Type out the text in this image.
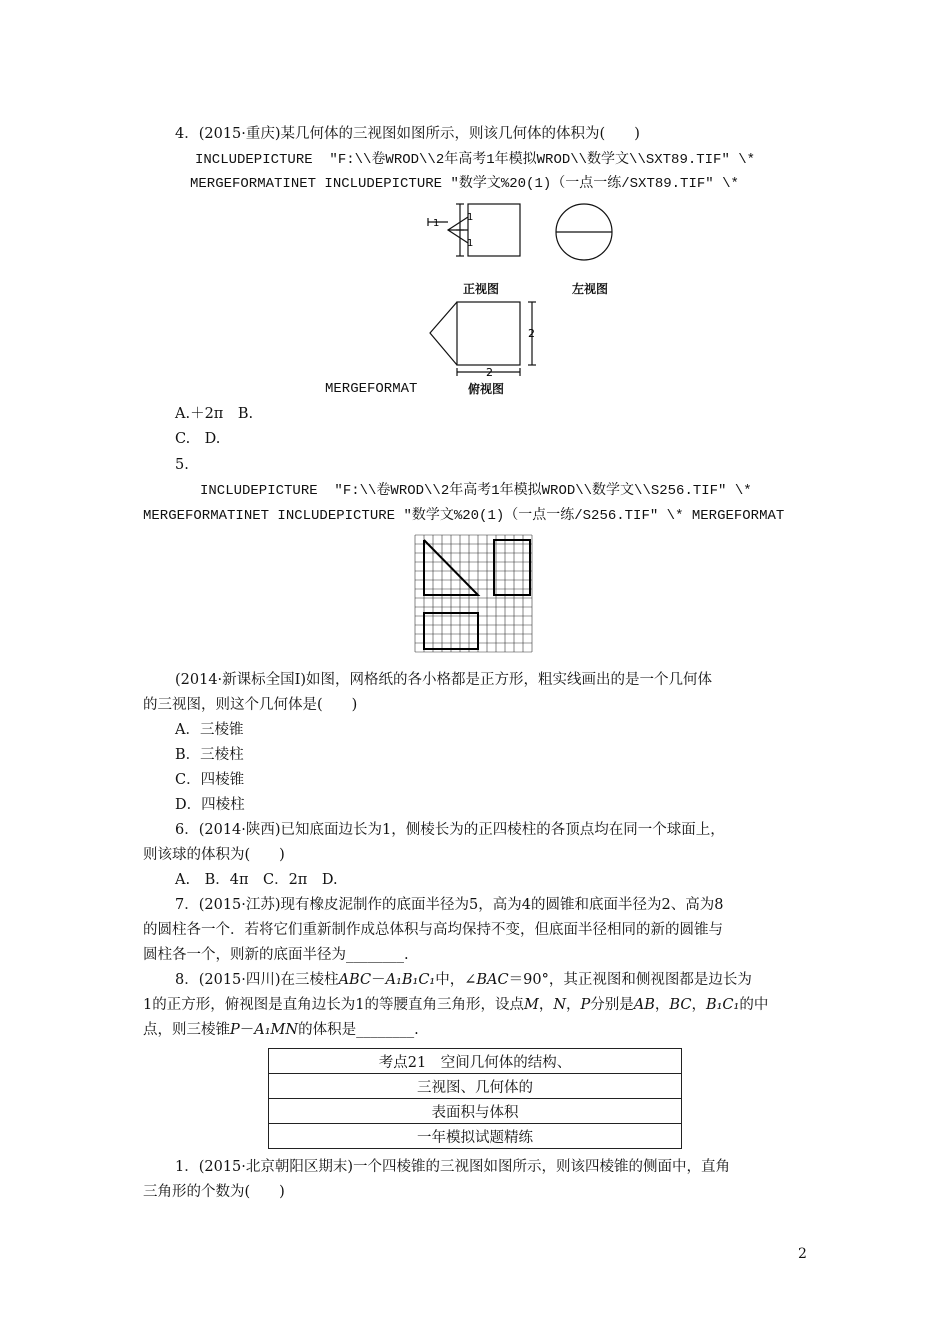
4．(2015·重庆)某几何体的三视图如图所示，则该几何体的体积为(　　)
INCLUDEPICTURE  "F:\\卷WROD\\2年高考1年模拟WROD\\数学文\\SXT89.TIF" \*
MERGEFORMATINET INCLUDEPICTURE "数学文%20(1)（一点一练/SXT89.TIF" \*
1
1
1
2
2
正视图	左视图
俯视图
MERGEFORMAT
A.＋2π　B.
C.　D.
5.
INCLUDEPICTURE  "F:\\卷WROD\\2年高考1年模拟WROD\\数学文\\S256.TIF" \*
MERGEFORMATINET INCLUDEPICTURE "数学文%20(1)（一点一练/S256.TIF" \* MERGEFORMAT
(2014·新课标全国Ⅰ)如图，网格纸的各小格都是正方形，粗实线画出的是一个几何体
的三视图，则这个几何体是(　　)
A．三棱锥
B．三棱柱
C．四棱锥
D．四棱柱
6．(2014·陕西)已知底面边长为1，侧棱长为的正四棱柱的各顶点均在同一个球面上，
则该球的体积为(　　)
A.　B．4π　C．2π　D.
7．(2015·江苏)现有橡皮泥制作的底面半径为5，高为4的圆锥和底面半径为2、高为8
的圆柱各一个．若将它们重新制作成总体积与高均保持不变，但底面半径相同的新的圆锥与
圆柱各一个，则新的底面半径为________.
8．(2015·四川)在三棱柱ABC－A₁B₁C₁中，∠BAC＝90°，其正视图和侧视图都是边长为
1的正方形，俯视图是直角边长为1的等腰直角三角形，设点M，N，P分别是AB，BC，B₁C₁的中
点，则三棱锥P－A₁MN的体积是________.
考点21　空间几何体的结构、
三视图、几何体的
表面积与体积
一年模拟试题精练
1．(2015·北京朝阳区期末)一个四棱锥的三视图如图所示，则该四棱锥的侧面中，直角
三角形的个数为(　　)
2
